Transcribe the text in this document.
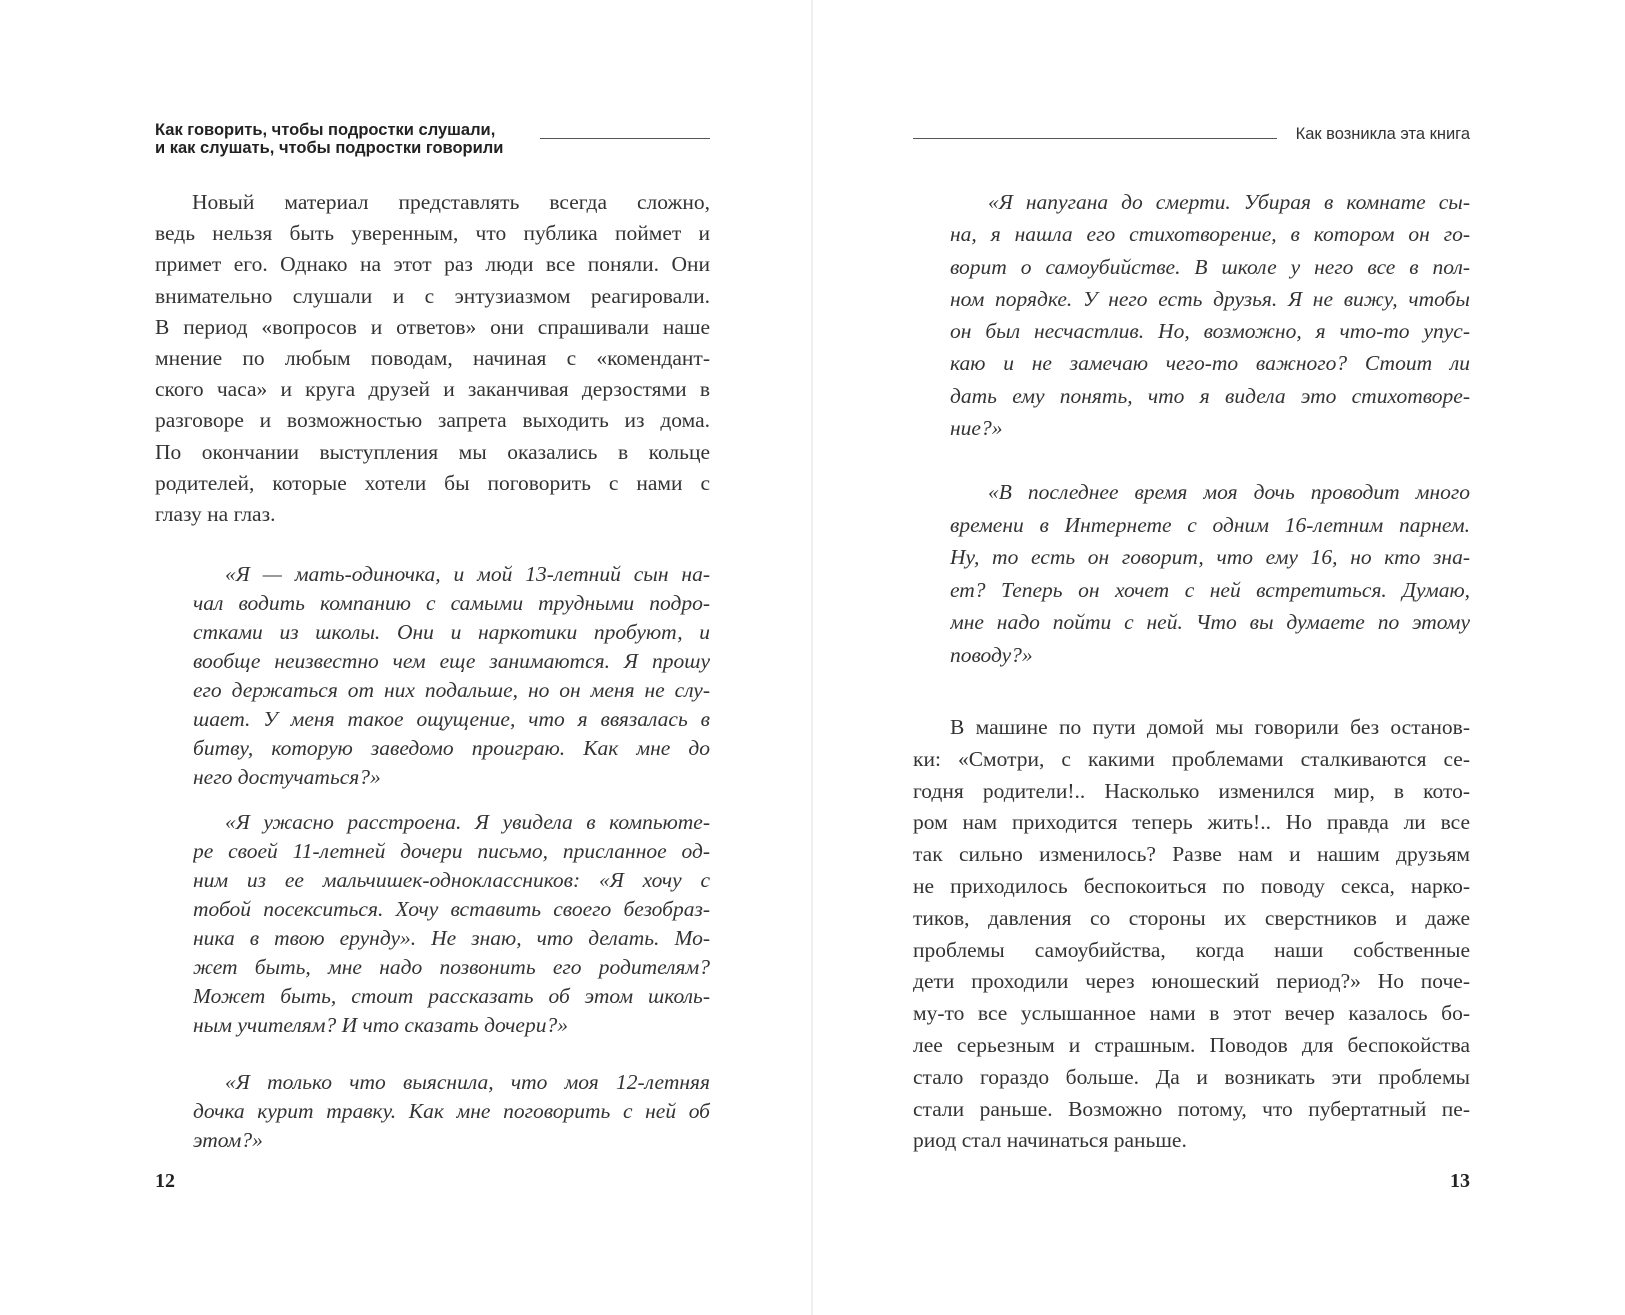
Как говорить, чтобы подростки слушали,
и как слушать, чтобы подростки говорили
Как возникла эта книга
Новый материал представлять всегда сложно,
ведь нельзя быть уверенным, что публика поймет и
примет его. Однако на этот раз люди все поняли. Они
внимательно слушали и с энтузиазмом реагировали.
В период «вопросов и ответов» они спрашивали наше
мнение по любым поводам, начиная с «комендант-
ского часа» и круга друзей и заканчивая дерзостями в
разговоре и возможностью запрета выходить из дома.
По окончании выступления мы оказались в кольце
родителей, которые хотели бы поговорить с нами с
глазу на глаз.
«Я — мать-одиночка, и мой 13-летний сын на-
чал водить компанию с самыми трудными подро-
стками из школы. Они и наркотики пробуют, и
вообще неизвестно чем еще занимаются. Я прошу
его держаться от них подальше, но он меня не слу-
шает. У меня такое ощущение, что я ввязалась в
битву, которую заведомо проиграю. Как мне до
него достучаться?»
«Я ужасно расстроена. Я увидела в компьюте-
ре своей 11-летней дочери письмо, присланное од-
ним из ее мальчишек-одноклассников: «Я хочу с
тобой посекситься. Хочу вставить своего безобраз-
ника в твою ерунду». Не знаю, что делать. Мо-
жет быть, мне надо позвонить его родителям?
Может быть, стоит рассказать об этом школь-
ным учителям? И что сказать дочери?»
«Я только что выяснила, что моя 12-летняя
дочка курит травку. Как мне поговорить с ней об
этом?»
«Я напугана до смерти. Убирая в комнате сы-
на, я нашла его стихотворение, в котором он го-
ворит о самоубийстве. В школе у него все в пол-
ном порядке. У него есть друзья. Я не вижу, чтобы
он был несчастлив. Но, возможно, я что-то упус-
каю и не замечаю чего-то важного? Стоит ли
дать ему понять, что я видела это стихотворе-
ние?»
«В последнее время моя дочь проводит много
времени в Интернете с одним 16-летним парнем.
Ну, то есть он говорит, что ему 16, но кто зна-
ет? Теперь он хочет с ней встретиться. Думаю,
мне надо пойти с ней. Что вы думаете по этому
поводу?»
В машине по пути домой мы говорили без останов-
ки: «Смотри, с какими проблемами сталкиваются се-
годня родители!.. Насколько изменился мир, в кото-
ром нам приходится теперь жить!.. Но правда ли все
так сильно изменилось? Разве нам и нашим друзьям
не приходилось беспокоиться по поводу секса, нарко-
тиков, давления со стороны их сверстников и даже
проблемы самоубийства, когда наши собственные
дети проходили через юношеский период?» Но поче-
му-то все услышанное нами в этот вечер казалось бо-
лее серьезным и страшным. Поводов для беспокойства
стало гораздо больше. Да и возникать эти проблемы
стали раньше. Возможно потому, что пубертатный пе-
риод стал начинаться раньше.
12	13
